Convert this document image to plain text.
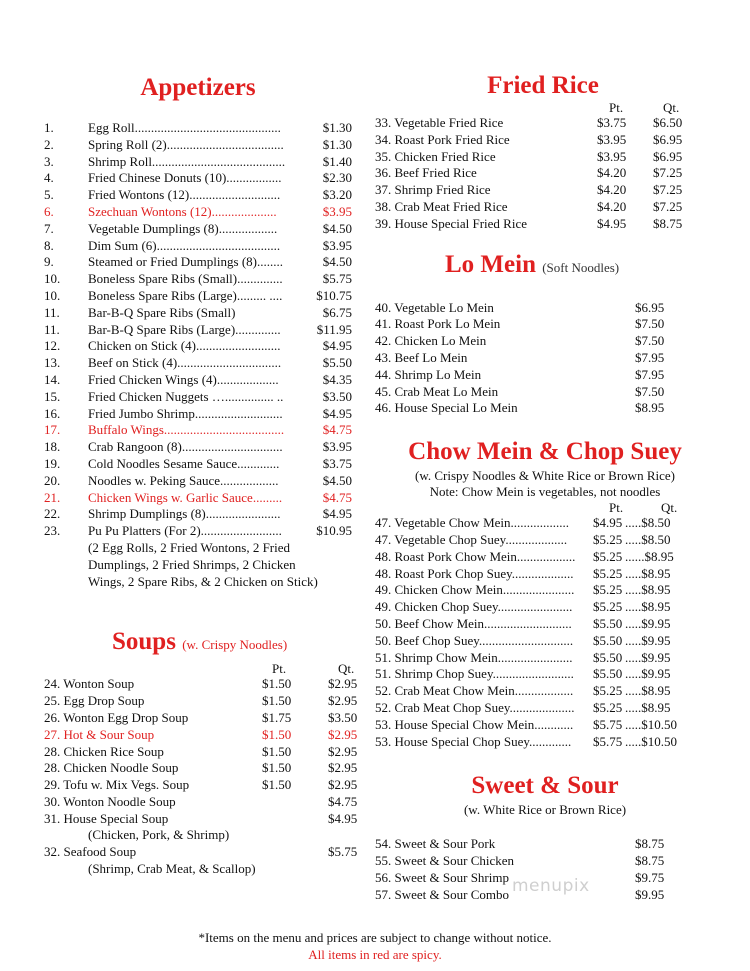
Appetizers
1.	Egg Roll.............................................	$1.30
2.	Spring Roll (2)....................................	$1.30
3.	Shrimp Roll.........................................	$1.40
4.	Fried Chinese Donuts (10).................	$2.30
5.	Fried Wontons (12)............................	$3.20
6.	Szechuan Wontons (12)....................	$3.95
7.	Vegetable Dumplings (8)..................	$4.50
8.	Dim Sum (6)......................................	$3.95
9.	Steamed or Fried Dumplings (8)........	$4.50
10. Boneless Spare Ribs (Small)..............	$5.75
10. Boneless Spare Ribs (Large)......... ....	$10.75
11. Bar-B-Q Spare Ribs (Small)	$6.75
11. Bar-B-Q Spare Ribs (Large)..............	$11.95
12. Chicken on Stick (4)..........................	$4.95
13. Beef on Stick (4)................................	$5.50
14. Fried Chicken Wings (4)...................	$4.35
15. Fried Chicken Nuggets …............... ..	$3.50
16. Fried Jumbo Shrimp...........................	$4.95
17. Buffalo Wings.....................................	$4.75
18. Crab Rangoon (8)...............................	$3.95
19. Cold Noodles Sesame Sauce.............	$3.75
20. Noodles w. Peking Sauce..................	$4.50
21. Chicken Wings w. Garlic Sauce.........	$4.75
22. Shrimp Dumplings (8).......................	$4.95
23. Pu Pu Platters (For 2).........................	$10.95
(2 Egg Rolls, 2 Fried Wontons, 2 Fried
Dumplings, 2 Fried Shrimps, 2 Chicken
Wings, 2 Spare Ribs, & 2 Chicken on Stick)
Soups (w. Crispy Noodles)
Pt.	Qt.
24. Wonton Soup	$1.50	$2.95
25. Egg Drop Soup	$1.50	$2.95
26. Wonton Egg Drop Soup	$1.75	$3.50
27. Hot & Sour Soup	$1.50	$2.95
28. Chicken Rice Soup	$1.50	$2.95
28. Chicken Noodle Soup	$1.50	$2.95
29. Tofu w. Mix Vegs. Soup	$1.50	$2.95
30. Wonton Noodle Soup	$4.75
31. House Special Soup	$4.95
(Chicken, Pork, & Shrimp)
32. Seafood Soup	$5.75
(Shrimp, Crab Meat, & Scallop)
Fried Rice
Pt.	Qt.
33. Vegetable Fried Rice	$3.75 $6.50
34. Roast Pork Fried Rice	$3.95 $6.95
35. Chicken Fried Rice	$3.95 $6.95
36. Beef Fried Rice	$4.20 $7.25
37. Shrimp Fried Rice	$4.20 $7.25
38. Crab Meat Fried Rice	$4.20 $7.25
39. House Special Fried Rice	$4.95 $8.75
Lo Mein (Soft Noodles)
40. Vegetable Lo Mein	$6.95
41. Roast Pork Lo Mein	$7.50
42. Chicken Lo Mein	$7.50
43. Beef Lo Mein	$7.95
44. Shrimp Lo Mein	$7.95
45. Crab Meat Lo Mein	$7.50
46. House Special Lo Mein	$8.95
Chow Mein & Chop Suey
(w. Crispy Noodles & White Rice or Brown Rice)
Note: Chow Mein is vegetables, not noodles
Pt.	Qt.
47. Vegetable Chow Mein..................	$4.95 .....$8.50
47. Vegetable Chop Suey...................	$5.25 .....$8.50
48. Roast Pork Chow Mein..................	$5.25 ......$8.95
48. Roast Pork Chop Suey...................	$5.25 .....$8.95
49. Chicken Chow Mein......................	$5.25 .....$8.95
49. Chicken Chop Suey.......................	$5.25 .....$8.95
50. Beef Chow Mein...........................	$5.50 .....$9.95
50. Beef Chop Suey.............................	$5.50 .....$9.95
51. Shrimp Chow Mein.......................	$5.50 .....$9.95
51. Shrimp Chop Suey.........................	$5.50 .....$9.95
52. Crab Meat Chow Mein..................	$5.25 .....$8.95
52. Crab Meat Chop Suey....................	$5.25 .....$8.95
53. House Special Chow Mein............	$5.75 .....$10.50
53. House Special Chop Suey.............	$5.75 .....$10.50
Sweet & Sour
(w. White Rice or Brown Rice)
54. Sweet & Sour Pork	$8.75
55. Sweet & Sour Chicken	$8.75
56. Sweet & Sour Shrimp	$9.75
57. Sweet & Sour Combo	$9.95
menupix
*Items on the menu and prices are subject to change without notice.
All items in red are spicy.
